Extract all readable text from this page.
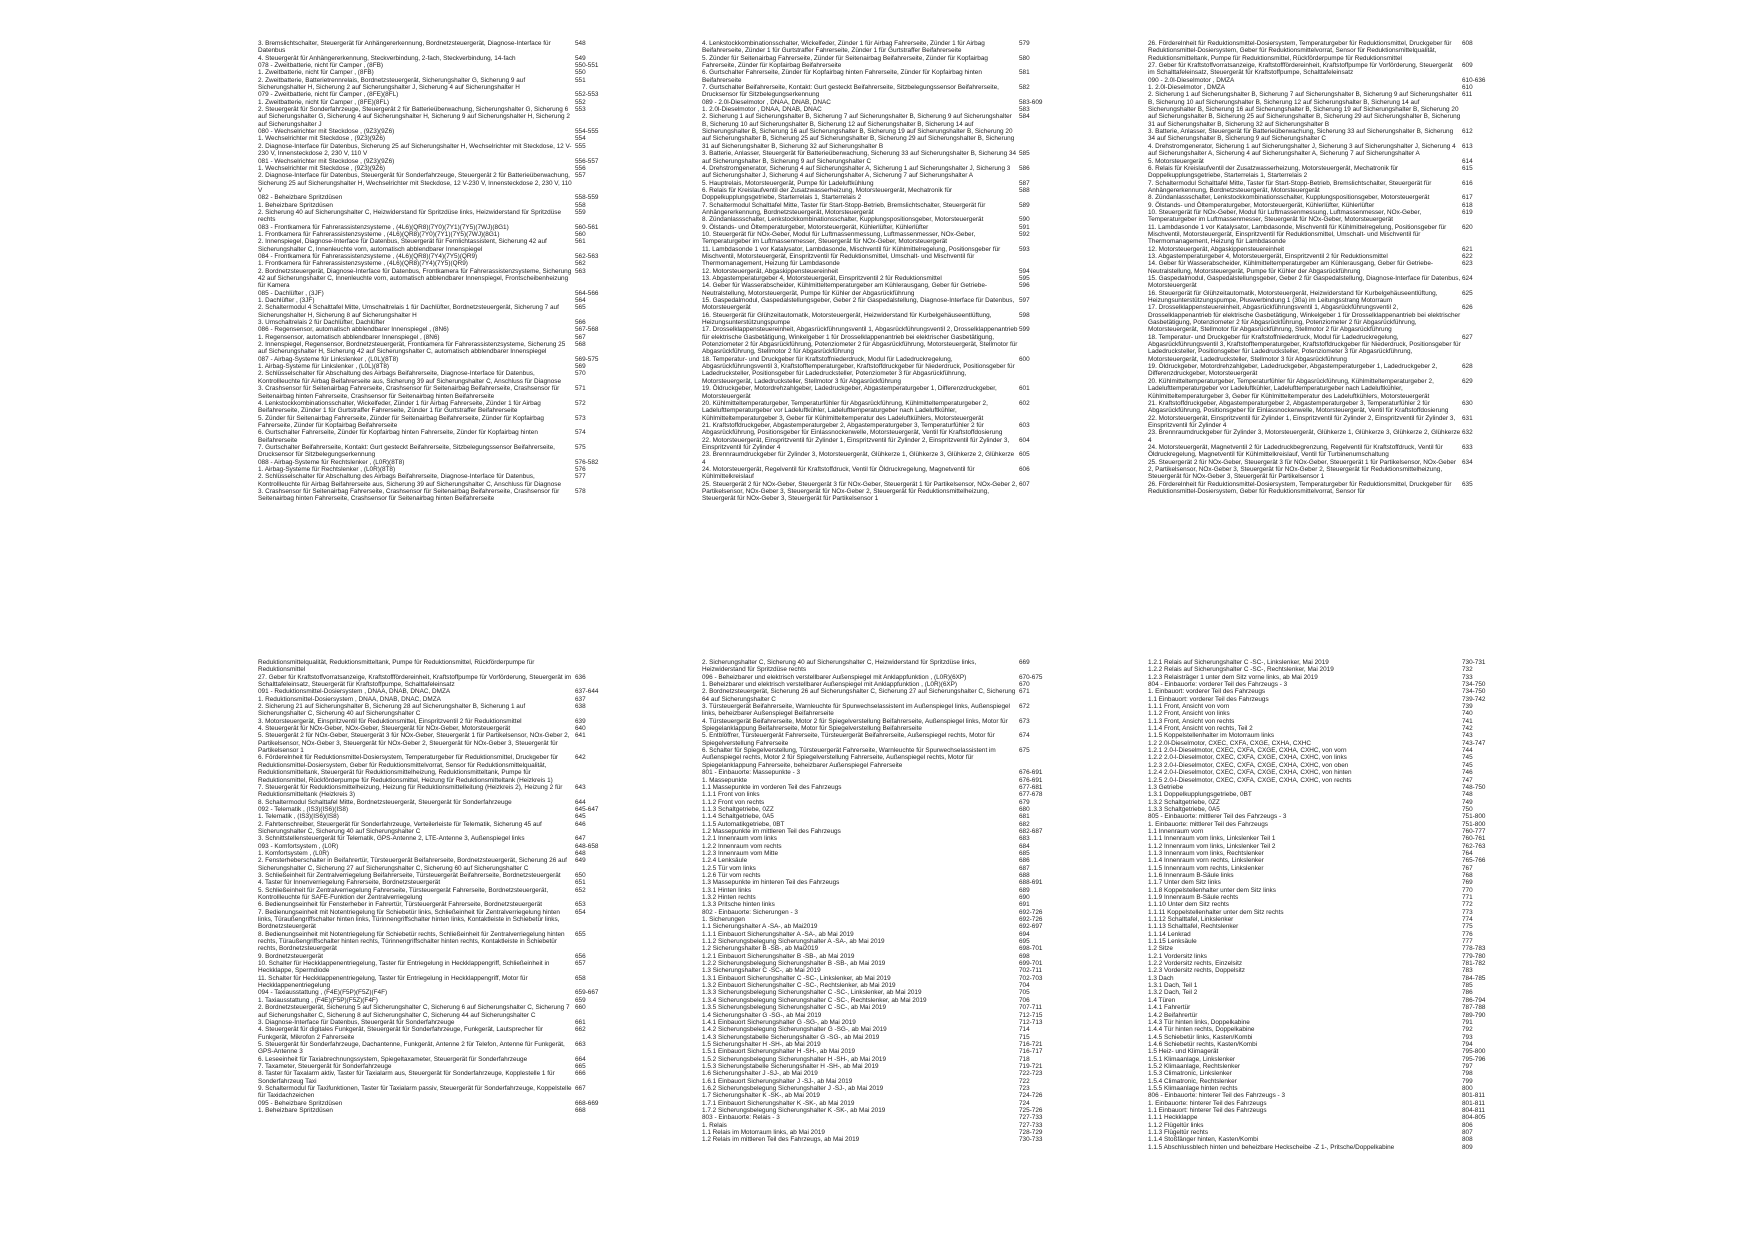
3. Bremslichtschalter, Steuergerät für Anhängererkennung, Bordnetzsteuergerät, Diagnose-Interface für Datenbus
548
4. Steuergerät für Anhängererkennung, Steckverbindung, 2-fach, Steckverbindung, 14-fach	549
078 - Zweitbatterie, nicht für Camper , (8FB)	550-551
1. Zweitbatterie, nicht für Camper , (8FB)	550
2. Zweitbatterie, Batterietrennrelais, Bordnetzsteuergerät, Sicherungshalter G, Sicherung 9 auf Sicherungshalter H, Sicherung 2 auf Sicherungshalter J, Sicherung 4 auf Sicherungshalter H
551
079 - Zweitbatterie, nicht für Camper , (8FE)(8FL)	552-553
1. Zweitbatterie, nicht für Camper , (8FE)(8FL)	552
2. Steuergerät für Sonderfahrzeuge, Steuergerät 2 für Batterieüberwachung, Sicherungshalter G, Sicherung 6 auf Sicherungshalter G, Sicherung 4 auf Sicherungshalter H, Sicherung 9 auf Sicherungshalter H, Sicherung 2 auf Sicherungshalter J
553
080 - Wechselrichter mit Steckdose , (9Z3)(9Z6)	554-555
1. Wechselrichter mit Steckdose , (9Z3)(9Z6)	554
2. Diagnose-Interface für Datenbus, Sicherung 25 auf Sicherungshalter H, Wechselrichter mit Steckdose, 12 V-230 V, Innensteckdose 2, 230 V, 110 V
555
081 - Wechselrichter mit Steckdose , (9Z3)(9Z6)	556-557
1. Wechselrichter mit Steckdose , (9Z3)(9Z6)	556
2. Diagnose-Interface für Datenbus, Steuergerät für Sonderfahrzeuge, Steuergerät 2 für Batterieüberwachung, Sicherung 25 auf Sicherungshalter H, Wechselrichter mit Steckdose, 12 V-230 V, Innensteckdose 2, 230 V, 110 V
557
082 - Beheizbare Spritzdüsen	558-559
1. Beheizbare Spritzdüsen	558
2. Sicherung 40 auf Sicherungshalter C, Heizwiderstand für Spritzdüse links, Heizwiderstand für Spritzdüse rechts
559
083 - Frontkamera für Fahrerassistenzsysteme , (4L6)(QR8)(7Y0)(7Y1)(7Y5)(7WJ)(8G1)	560-561
1. Frontkamera für Fahrerassistenzsysteme , (4L6)(QR8)(7Y0)(7Y1)(7Y5)(7WJ)(8G1)	560
2. Innenspiegel, Diagnose-Interface für Datenbus, Steuergerät für Fernlichtassistent, Sicherung 42 auf Sicherungshalter C, Innenleuchte vorn, automatisch abblendbarer Innenspiegel
561
084 - Frontkamera für Fahrerassistenzsysteme , (4L6)(QR8)(7Y4)(7Y5)(QR9)	562-563
1. Frontkamera für Fahrerassistenzsysteme , (4L6)(QR8)(7Y4)(7Y5)(QR9)	562
2. Bordnetzsteuergerät, Diagnose-Interface für Datenbus, Frontkamera für Fahrerassistenzsysteme, Sicherung 42 auf Sicherungshalter C, Innenleuchte vorn, automatisch abblendbarer Innenspiegel, Frontscheibenheizung für Kamera
563
085 - Dachlüfter , (3JF)	564-566
1. Dachlüfter , (3JF)	564
2. Schaltermodul 4 Schalttafel Mitte, Umschaltrelais 1 für Dachlüfter, Bordnetzsteuergerät, Sicherung 7 auf Sicherungshalter H, Sicherung 8 auf Sicherungshalter H
565
3. Umschaltrelais 2 für Dachlüfter, Dachlüfter	566
086 - Regensensor, automatisch abblendbarer Innenspiegel , (8N6)	567-568
1. Regensensor, automatisch abblendbarer Innenspiegel , (8N6)	567
2. Innenspiegel, Regensensor, Bordnetzsteuergerät, Frontkamera für Fahrerassistenzsysteme, Sicherung 25 auf Sicherungshalter H, Sicherung 42 auf Sicherungshalter C, automatisch abblendbarer Innenspiegel
568
087 - Airbag-Systeme für Linkslenker , (L0L)(8T8)	569-575
1. Airbag-Systeme für Linkslenker , (L0L)(8T8)	569
2. Schlüsselschalter für Abschaltung des Airbags Beifahrerseite, Diagnose-Interface für Datenbus, Kontrollleuchte für Airbag Beifahrerseite aus, Sicherung 39 auf Sicherungshalter C, Anschluss für Diagnose
570
3. Crashsensor für Seitenairbag Fahrerseite, Crashsensor für Seitenairbag Beifahrerseite, Crashsensor für Seitenairbag hinten Fahrerseite, Crashsensor für Seitenairbag hinten Beifahrerseite
571
4. Lenkstockkombinationsschalter, Wickelfeder, Zünder 1 für Airbag Fahrerseite, Zünder 1 für Airbag Beifahrerseite, Zünder 1 für Gurtstraffer Fahrerseite, Zünder 1 für Gurtstraffer Beifahrerseite
572
5. Zünder für Seitenairbag Fahrerseite, Zünder für Seitenairbag Beifahrerseite, Zünder für Kopfairbag Fahrerseite, Zünder für Kopfairbag Beifahrerseite
573
6. Gurtschalter Fahrerseite, Zünder für Kopfairbag hinten Fahrerseite, Zünder für Kopfairbag hinten Beifahrerseite
574
7. Gurtschalter Beifahrerseite, Kontakt: Gurt gesteckt Beifahrerseite, Sitzbelegungssensor Beifahrerseite, Drucksensor für Sitzbelegungserkennung
575
088 - Airbag-Systeme für Rechtslenker , (L0R)(8T8)	576-582
1. Airbag-Systeme für Rechtslenker , (L0R)(8T8)	576
2. Schlüsselschalter für Abschaltung des Airbags Beifahrerseite, Diagnose-Interface für Datenbus, Kontrollleuchte für Airbag Beifahrerseite aus, Sicherung 39 auf Sicherungshalter C, Anschluss für Diagnose
577
3. Crashsensor für Seitenairbag Fahrerseite, Crashsensor für Seitenairbag Beifahrerseite, Crashsensor für Seitenairbag hinten Fahrerseite, Crashsensor für Seitenairbag hinten Beifahrerseite
578
4. Lenkstockkombinationsschalter, Wickelfeder, Zünder 1 für Airbag Fahrerseite, Zünder 1 für Airbag Beifahrerseite, Zünder 1 für Gurtstraffer Fahrerseite, Zünder 1 für Gurtstraffer Beifahrerseite
579
5. Zünder für Seitenairbag Fahrerseite, Zünder für Seitenairbag Beifahrerseite, Zünder für Kopfairbag Fahrerseite, Zünder für Kopfairbag Beifahrerseite
580
6. Gurtschalter Fahrerseite, Zünder für Kopfairbag hinten Fahrerseite, Zünder für Kopfairbag hinten Beifahrerseite
581
7. Gurtschalter Beifahrerseite, Kontakt: Gurt gesteckt Beifahrerseite, Sitzbelegungssensor Beifahrerseite, Drucksensor für Sitzbelegungserkennung
582
089 - 2.0l-Dieselmotor , DNAA, DNAB, DNAC	583-609
1. 2.0l-Dieselmotor , DNAA, DNAB, DNAC	583
2. Sicherung 1 auf Sicherungshalter B, Sicherung 7 auf Sicherungshalter B, Sicherung 9 auf Sicherungshalter B, Sicherung 10 auf Sicherungshalter B, Sicherung 12 auf Sicherungshalter B, Sicherung 14 auf Sicherungshalter B, Sicherung 16 auf Sicherungshalter B, Sicherung 19 auf Sicherungshalter B, Sicherung 20 auf Sicherungshalter B, Sicherung 25 auf Sicherungshalter B, Sicherung 29 auf Sicherungshalter B, Sicherung 31 auf Sicherungshalter B, Sicherung 32 auf Sicherungshalter B
584
3. Batterie, Anlasser, Steuergerät für Batterieüberwachung, Sicherung 33 auf Sicherungshalter B, Sicherung 34 auf Sicherungshalter B, Sicherung 9 auf Sicherungshalter C
585
4. Drehstromgenerator, Sicherung 4 auf Sicherungshalter A, Sicherung 1 auf Sicherungshalter J, Sicherung 3 auf Sicherungshalter J, Sicherung 4 auf Sicherungshalter A, Sicherung 7 auf Sicherungshalter A
586
5. Hauptrelais, Motorsteuergerät, Pumpe für Ladeluftkühlung	587
6. Relais für Kreislaufventil der Zusatzwasserheizung, Motorsteuergerät, Mechatronik für Doppelkupplungsgetriebe, Starterrelais 1, Starterrelais 2
588
7. Schaltermodul Schalttafel Mitte, Taster für Start-Stopp-Betrieb, Bremslichtschalter, Steuergerät für Anhängererkennung, Bordnetzsteuergerät, Motorsteuergerät
589
8. Zündanlassschalter, Lenkstockkombinationsschalter, Kupplungspositionsgeber, Motorsteuergerät	590
9. Ölstands- und Öltemperaturgeber, Motorsteuergerät, Kühlerlüfter, Kühlerlüfter	591
10. Steuergerät für NOx-Geber, Modul für Luftmassenmessung, Luftmassenmesser, NOx-Geber, Temperaturgeber im Luftmassenmesser, Steuergerät für NOx-Geber, Motorsteuergerät
592
11. Lambdasonde 1 vor Katalysator, Lambdasonde, Mischventil für Kühlmittelregelung, Positionsgeber für Mischventil, Motorsteuergerät, Einspritzventil für Reduktionsmittel, Umschalt- und Mischventil für Thermomanagement, Heizung für Lambdasonde
593
12. Motorsteuergerät, Abgaskippensteuereinheit	594
13. Abgastemperaturgeber 4, Motorsteuergerät, Einspritzventil 2 für Reduktionsmittel	595
14. Geber für Wasserabscheider, Kühlmitteltemperaturgeber am Kühlerausgang, Geber für Getriebe-Neutralstellung, Motorsteuergerät, Pumpe für Kühler der Abgasrückführung
596
15. Gaspedalmodul, Gaspedalstellungsgeber, Geber 2 für Gaspedalstellung, Diagnose-Interface für Datenbus, Motorsteuergerät
597
16. Steuergerät für Glühzeitautomatik, Motorsteuergerät, Heizwiderstand für Kurbelgehäuseentlüftung, Heizungsunterstützungspumpe
598
17. Drosselklappensteuereinheit, Abgasrückführungsventil 1, Abgasrückführungsventil 2, Drosselklappenantrieb für elektrische Gasbetätigung, Winkelgeber 1 für Drosselklappenantrieb bei elektrischer Gasbetätigung, Potenziometer 2 für Abgasrückführung, Potenziometer 2 für Abgasrückführung, Motorsteuergerät, Stellmotor für Abgasrückführung, Stellmotor 2 für Abgasrückführung
599
18. Temperatur- und Druckgeber für Kraftstoffniederdruck, Modul für Ladedruckregelung, Abgasrückführungsventil 3, Kraftstofftemperaturgeber, Kraftstoffdruckgeber für Niederdruck, Positionsgeber für Ladedrucksteller, Positionsgeber für Ladedrucksteller, Potenziometer 3 für Abgasrückführung, Motorsteuergerät, Ladedrucksteller, Stellmotor 3 für Abgasrückführung
600
19. Öldruckgeber, Motordrehzahlgeber, Ladedruckgeber, Abgastemperaturgeber 1, Differenzdruckgeber, Motorsteuergerät
601
20. Kühlmitteltemperaturgeber, Temperaturfühler für Abgasrückführung, Kühlmitteltemperaturgeber 2, Ladelufttemperaturgeber vor Ladeluftkühler, Ladelufttemperaturgeber nach Ladeluftkühler, Kühlmitteltemperaturgeber 3, Geber für Kühlmitteltemperatur des Ladeluftkühlers, Motorsteuergerät
602
21. Kraftstoffdruckgeber, Abgastemperaturgeber 2, Abgastemperaturgeber 3, Temperaturfühler 2 für Abgasrückführung, Positionsgeber für Einlassnockenwelle, Motorsteuergerät, Ventil für Kraftstoffdosierung
603
22. Motorsteuergerät, Einspritzventil für Zylinder 1, Einspritzventil für Zylinder 2, Einspritzventil für Zylinder 3, Einspritzventil für Zylinder 4
604
23. Brennraumdruckgeber für Zylinder 3, Motorsteuergerät, Glühkerze 1, Glühkerze 3, Glühkerze 2, Glühkerze 4
605
24. Motorsteuergerät, Regelventil für Kraftstoffdruck, Ventil für Öldruckregelung, Magnetventil für Kühlmittelkreislauf
606
25. Steuergerät 2 für NOx-Geber, Steuergerät 3 für NOx-Geber, Steuergerät 1 für Partikelsensor, NOx-Geber 2, Partikelsensor, NOx-Geber 3, Steuergerät für NOx-Geber 2, Steuergerät für Reduktionsmittelheizung, Steuergerät für NOx-Geber 3, Steuergerät für Partikelsensor 1
607
26. Förderelnheit für Reduktionsmittel-Dosiersystem, Temperaturgeber für Reduktionsmittel, Druckgeber für Reduktionsmittel-Dosiersystem, Geber für Reduktionsmittelvorrat, Sensor für Reduktionsmittelqualität, Reduktionsmitteltank, Pumpe für Reduktionsmittel, Rückförderpumpe für Reduktionsmittel
608
27. Geber für Kraftstoffvorratsanzeige, Kraftstofffördereinheit, Kraftstoffpumpe für Vorförderung, Steuergerät im Schalttafeleinsatz, Steuergerät für Kraftstoffpumpe, Schalttafeleinsatz
609
090 - 2.0l-Dieselmotor , DMZA	610-636
1. 2.0l-Dieselmotor , DMZA	610
2. Sicherung 1 auf Sicherungshalter B, Sicherung 7 auf Sicherungshalter B, Sicherung 9 auf Sicherungshalter B, Sicherung 10 auf Sicherungshalter B, Sicherung 12 auf Sicherungshalter B, Sicherung 14 auf Sicherungshalter B, Sicherung 16 auf Sicherungshalter B, Sicherung 19 auf Sicherungshalter B, Sicherung 20 auf Sicherungshalter B, Sicherung 25 auf Sicherungshalter B, Sicherung 29 auf Sicherungshalter B, Sicherung 31 auf Sicherungshalter B, Sicherung 32 auf Sicherungshalter B
611
3. Batterie, Anlasser, Steuergerät für Batterieüberwachung, Sicherung 33 auf Sicherungshalter B, Sicherung 34 auf Sicherungshalter B, Sicherung 9 auf Sicherungshalter C
612
4. Drehstromgenerator, Sicherung 1 auf Sicherungshalter J, Sicherung 3 auf Sicherungshalter J, Sicherung 4 auf Sicherungshalter A, Sicherung 4 auf Sicherungshalter A, Sicherung 7 auf Sicherungshalter A
613
5. Motorsteuergerät	614
6. Relais für Kreislaufventil der Zusatzwasserheizung, Motorsteuergerät, Mechatronik für Doppelkupplungsgetriebe, Starterrelais 1, Starterrelais 2
615
7. Schaltermodul Schalttafel Mitte, Taster für Start-Stopp-Betrieb, Bremslichtschalter, Steuergerät für Anhängererkennung, Bordnetzsteuergerät, Motorsteuergerät
616
8. Zündanlassschalter, Lenkstockkombinationsschalter, Kupplungspositionsgeber, Motorsteuergerät	617
9. Ölstands- und Öltemperaturgeber, Motorsteuergerät, Kühlerlüfter, Kühlerlüfter	618
10. Steuergerät für NOx-Geber, Modul für Luftmassenmessung, Luftmassenmesser, NOx-Geber, Temperaturgeber im Luftmassenmesser, Steuergerät für NOx-Geber, Motorsteuergerät
619
11. Lambdasonde 1 vor Katalysator, Lambdasonde, Mischventil für Kühlmittelregelung, Positionsgeber für Mischventil, Motorsteuergerät, Einspritzventil für Reduktionsmittel, Umschalt- und Mischventil für Thermomanagement, Heizung für Lambdasonde
620
12. Motorsteuergerät, Abgaskippensteuereinheit	621
13. Abgastemperaturgeber 4, Motorsteuergerät, Einspritzventil 2 für Reduktionsmittel	622
14. Geber für Wasserabscheider, Kühlmitteltemperaturgeber am Kühlerausgang, Geber für Getriebe-Neutralstellung, Motorsteuergerät, Pumpe für Kühler der Abgasrückführung
623
15. Gaspedalmodul, Gaspedalstellungsgeber, Geber 2 für Gaspedalstellung, Diagnose-Interface für Datenbus, Motorsteuergerät
624
16. Steuergerät für Glühzeitautomatik, Motorsteuergerät, Heizwiderstand für Kurbelgehäuseentlüftung, Heizungsunterstützungspumpe, Pluswerbindung 1 (30a) im Leitungsstrang Motorraum
625
17. Drosselklappensteuereinheit, Abgasrückführungsventil 1, Abgasrückführungsventil 2, Drosselklappenantrieb für elektrische Gasbetätigung, Winkelgeber 1 für Drosselklappenantrieb bei elektrischer Gasbetätigung, Potenziometer 2 für Abgasrückführung, Potenziometer 2 für Abgasrückführung, Motorsteuergerät, Stellmotor für Abgasrückführung, Stellmotor 2 für Abgasrückführung
626
18. Temperatur- und Druckgeber für Kraftstoffniederdruck, Modul für Ladedruckregelung, Abgasrückführungsventil 3, Kraftstofftemperaturgeber, Kraftstoffdruckgeber für Niederdruck, Positionsgeber für Ladedrucksteller, Positionsgeber für Ladedrucksteller, Potenziometer 3 für Abgasrückführung, Motorsteuergerät, Ladedrucksteller, Stellmotor 3 für Abgasrückführung
627
19. Öldruckgeber, Motordrehzahlgeber, Ladedruckgeber, Abgastemperaturgeber 1, Ladedruckgeber 2, Differenzdruckgeber, Motorsteuergerät
628
20. Kühlmitteltemperaturgeber, Temperaturfühler für Abgasrückführung, Kühlmitteltemperaturgeber 2, Ladelufttemperaturgeber vor Ladeluftkühler, Ladelufttemperaturgeber nach Ladeluftkühler, Kühlmitteltemperaturgeber 3, Geber für Kühlmitteltemperatur des Ladeluftkühlers, Motorsteuergerät
629
21. Kraftstoffdruckgeber, Abgastemperaturgeber 2, Abgastemperaturgeber 3, Temperaturfühler 2 für Abgasrückführung, Positionsgeber für Einlassnockenwelle, Motorsteuergerät, Ventil für Kraftstoffdosierung
630
22. Motorsteuergerät, Einspritzventil für Zylinder 1, Einspritzventil für Zylinder 2, Einspritzventil für Zylinder 3, Einspritzventil für Zylinder 4
631
23. Brennraumdruckgeber für Zylinder 3, Motorsteuergerät, Glühkerze 1, Glühkerze 3, Glühkerze 2, Glühkerze 4
632
24. Motorsteuergerät, Magnetventil 2 für Ladedruckbegrenzung, Regelventil für Kraftstoffdruck, Ventil für Öldruckregelung, Magnetventil für Kühlmittelkreislauf, Ventil für Turbinenumschaltung
633
25. Steuergerät 2 für NOx-Geber, Steuergerät 3 für NOx-Geber, Steuergerät 1 für Partikelsensor, NOx-Geber 2, Partikelsensor, NOx-Geber 3, Steuergerät für NOx-Geber 2, Steuergerät für Reduktionsmittelheizung, Steuergerät für NOx-Geber 3, Steuergerät für Partikelsensor 1
634
26. Förderelnheit für Reduktionsmittel-Dosiersystem, Temperaturgeber für Reduktionsmittel, Druckgeber für Reduktionsmittel-Dosiersystem, Geber für Reduktionsmittelvorrat, Sensor für
635
Reduktionsmittelqualität, Reduktionsmitteltank, Pumpe für Reduktionsmittel, Rückförderpumpe für Reduktionsmittel
27. Geber für Kraftstoffvorratsanzeige, Kraftstofffördereinheit, Kraftstoffpumpe für Vorförderung, Steuergerät im Schalttafeleinsatz, Steuergerät für Kraftstoffpumpe, Schalttafeleinsatz
636
091 - Reduktionsmittel-Dosiersystem , DNAA, DNAB, DNAC, DMZA	637-644
1. Reduktionsmittel-Dosiersystem , DNAA, DNAB, DNAC, DMZA	637
2. Sicherung 21 auf Sicherungshalter B, Sicherung 28 auf Sicherungshalter B, Sicherung 1 auf Sicherungshalter C, Sicherung 40 auf Sicherungshalter C
638
3. Motorsteuergerät, Einspritzventil für Reduktionsmittel, Einspritzventil 2 für Reduktionsmittel	639
4. Steuergerät für NOx-Geber, NOx-Geber, Steuergerät für NOx-Geber, Motorsteuergerät	640
5. Steuergerät 2 für NOx-Geber, Steuergerät 3 für NOx-Geber, Steuergerät 1 für Partikelsensor, NOx-Geber 2, Partikelsensor, NOx-Geber 3, Steuergerät für NOx-Geber 2, Steuergerät für NOx-Geber 3, Steuergerät für Partikelsensor 1
641
6. Förderelnheit für Reduktionsmittel-Dosiersystem, Temperaturgeber für Reduktionsmittel, Druckgeber für Reduktionsmittel-Dosiersystem, Geber für Reduktionsmittelvorrat, Sensor für Reduktionsmittelqualität, Reduktionsmitteltank, Steuergerät für Reduktionsmittelheizung, Reduktionsmitteltank, Pumpe für Reduktionsmittel, Rückförderpumpe für Reduktionsmittel, Heizung für Reduktionsmitteltank (Heizkreis 1)
642
7. Steuergerät für Reduktionsmittelheizung, Heizung für Reduktionsmittelleitung (Heizkreis 2), Heizung 2 für Reduktionsmitteltank (Heizkreis 3)
643
8. Schaltermodul Schalttafel Mitte, Bordnetzsteuergerät, Steuergerät für Sonderfahrzeuge	644
092 - Telematik , (IS3)(IS6)(IS8)	645-647
1. Telematik , (IS3)(IS6)(IS8)	645
2. Fahrtenschreiber, Steuergerät für Sonderfahrzeuge, Verteilerleiste für Telematik, Sicherung 45 auf Sicherungshalter C, Sicherung 40 auf Sicherungshalter C
646
3. Schnittstellensteuergerät für Telematik, GPS-Antenne 2, LTE-Antenne 3, Außenspiegel links	647
093 - Komfortsystem , (L0R)	648-658
1. Komfortsystem , (L0R)	648
2. Fensterheberschalter in Beifahrertür, Türsteuergerät Beifahrerseite, Bordnetzsteuergerät, Sicherung 26 auf Sicherungshalter C, Sicherung 27 auf Sicherungshalter C, Sicherung 60 auf Sicherungshalter C
649
3. Schließeinheit für Zentralverriegelung Beifahrerseite, Türsteuergerät Beifahrerseite, Bordnetzsteuergerät	650
4. Taster für Innenverriegelung Fahrerseite, Bordnetzsteuergerät	651
5. Schließeinheit für Zentralverriegelung Fahrerseite, Türsteuergerät Fahrerseite, Bordnetzsteuergerät, Kontrollleuchte für SAFE-Funktion der Zentralverriegelung
652
6. Bedienungseinheit für Fensterheber in Fahrertür, Türsteuergerät Fahrerseite, Bordnetzsteuergerät	653
7. Bedienungseinheit mit Notentriegelung für Schiebetür links, Schließeinheit für Zentralverriegelung hinten links, Türaußengriffschalter hinten links, Türinnengriffschalter hinten links, Kontaktleiste in Schiebetür links, Bordnetzsteuergerät
654
8. Bedienungseinheit mit Notentriegelung für Schiebetür rechts, Schließeinheit für Zentralverriegelung hinten rechts, Türaußengriffschalter hinten rechts, Türinnengriffschalter hinten rechts, Kontaktleiste in Schiebetür rechts, Bordnetzsteuergerät
655
9. Bordnetzsteuergerät	656
10. Schalter für Heckklappenentriegelung, Taster für Entriegelung in Heckklappengriff, Schließeinheit in Heckklappe, Spermdiode
657
11. Schalter für Heckklappenentriegelung, Taster für Entriegelung in Heckklappengriff, Motor für Heckklappenentriegelung
658
094 - Taxiausstattung , (F4E)(F5P)(F5Z)(F4F)	659-667
1. Taxiausstattung , (F4E)(F5P)(F5Z)(F4F)	659
2. Bordnetzsteuergerät, Sicherung 5 auf Sicherungshalter C, Sicherung 6 auf Sicherungshalter C, Sicherung 7 auf Sicherungshalter C, Sicherung 8 auf Sicherungshalter C, Sicherung 44 auf Sicherungshalter C
660
3. Diagnose-Interface für Datenbus, Steuergerät für Sonderfahrzeuge	661
4. Steuergerät für digitales Funkgerät, Steuergerät für Sonderfahrzeuge, Funkgerät, Lautsprecher für Funkgerät, Mikrofon 2 Fahrerseite
662
5. Steuergerät für Sonderfahrzeuge, Dachantenne, Funkgerät, Antenne 2 für Telefon, Antenne für Funkgerät, GPS-Antenne 3
663
6. Leseeinheit für Taxiabrechnungssystem, Spiegeltaxameter, Steuergerät für Sonderfahrzeuge	664
7. Taxameter, Steuergerät für Sonderfahrzeuge	665
8. Taster für Taxalarm aktiv, Taster für Taxialarm aus, Steuergerät für Sonderfahrzeuge, Kopplestelle 1 für Sonderfahrzeug Taxi
666
9. Schaltermodul für Taxifunktionen, Taster für Taxialarm passiv, Steuergerät für Sonderfahrzeuge, Koppelstelle für Taxidachzeichen
667
095 - Beheizbare Spritzdüsen	668-669
1. Beheizbare Spritzdüsen	668
2. Sicherungshalter C, Sicherung 40 auf Sicherungshalter C, Heizwiderstand für Spritzdüse links, Heizwiderstand für Spritzdüse rechts
669
096 - Beheizbarer und elektrisch verstellbarer Außenspiegel mit Anklappfunktion , (L0R)(6XP)	670-675
1. Beheizbarer und elektrisch verstellbarer Außenspiegel mit Anklappfunktion , (L0R)(6XP)	670
2. Bordnetzsteuergerät, Sicherung 26 auf Sicherungshalter C, Sicherung 27 auf Sicherungshalter C, Sicherung 64 auf Sicherungshalter C
671
3. Türsteuergerät Beifahrerseite, Warnleuchte für Spurwechselassistent im Außenspiegel links, Außenspiegel links, beheizbarer Außenspiegel Beifahrerseite
672
4. Türsteuergerät Beifahrerseite, Motor 2 für Spiegelverstellung Beifahrerseite, Außenspiegel links, Motor für Spiegelanklappung Beifahrerseite, Motor für Spiegelverstellung Beifahrerseite
673
5. Entblöffrer, Türsteuergerät Fahrerseite, Türsteuergerät Beifahrerseite, Außenspiegel rechts, Motor für Spiegelverstellung Fahrerseite
674
6. Schalter für Spiegelverstellung, Türsteuergerät Fahrerseite, Warnleuchte für Spurwechselassistent im Außenspiegel rechts, Motor 2 für Spiegelverstellung Fahrerseite, Außenspiegel rechts, Motor für Spiegelanklappung Fahrerseite, beheizbarer Außenspiegel Fahrerseite
675
801 - Einbauorte: Massepunkte - 3	676-691
1. Massepunkte	676-691
1.1 Massepunkte im vorderen Teil des Fahrzeugs	677-681
1.1.1 Front von links	677-678
1.1.2 Front von rechts	679
1.1.3 Schaltgetriebe, 0ZZ	680
1.1.4 Schaltgetriebe, 0A5	681
1.1.5 Automatikgetriebe, 0BT	682
1.2 Massepunkte im mittleren Teil des Fahrzeugs	682-687
1.2.1 Innenraum vom links	683
1.2.2 Innenraum vom rechts	684
1.2.3 Innenraum vom Mitte	685
1.2.4 Lenksäule	686
1.2.5 Tür vom links	687
1.2.6 Tür vom rechts	688
1.3 Massepunkte im hinteren Teil des Fahrzeugs	688-691
1.3.1 Hinten links	689
1.3.2 Hinten rechts	690
1.3.3 Pritsche hinten links	691
802 - Einbauorte: Sicherungen - 3	692-726
1. Sicherungen	692-726
1.1 Sicherungshalter A -SA-, ab Mai2019	692-697
1.1.1 Einbauort Sicherungshalter A -SA-, ab Mai 2019	694
1.1.2 Sicherungsbelegung Sicherungshalter A -SA-, ab Mai 2019	695
1.2 Sicherungshalter B -SB-, ab Mai2019	698-701
1.2.1 Einbauort Sicherungshalter B -SB-, ab Mai 2019	698
1.2.2 Sicherungsbelegung Sicherungshalter B -SB-, ab Mai 2019	699-701
1.3 Sicherungshalter C -SC-, ab Mai 2019	702-711
1.3.1 Einbauort Sicherungshalter C -SC-, Linkslenker, ab Mai 2019	702-703
1.3.2 Einbauort Sicherungshalter C -SC-, Rechtslenker, ab Mai 2019	704
1.3.3 Sicherungsbelegung Sicherungshalter C -SC-, Linkslenker, ab Mai 2019	705
1.3.4 Sicherungsbelegung Sicherungshalter C -SC-, Rechtslenker, ab Mai 2019	706
1.3.5 Sicherungsbelegung Sicherungshalter C -SC-, ab Mai 2019	707-711
1.4 Sicherungshalter G -SG-, ab Mai 2019	712-715
1.4.1 Einbauort Sicherungshalter G -SG-, ab Mai 2019	712-713
1.4.2 Sicherungsbelegung Sicherungshalter G -SG-, ab Mai 2019	714
1.4.3 Sicherungstabelle Sicherungshalter G -SG-, ab Mai 2019	715
1.5 Sicherungshalter H -SH-, ab Mai 2019	716-721
1.5.1 Einbauort Sicherungshalter H -SH-, ab Mai 2019	716-717
1.5.2 Sicherungsbelegung Sicherungshalter H -SH-, ab Mai 2019	718
1.5.3 Sicherungstabelle Sicherungshalter H -SH-, ab Mai 2019	719-721
1.6 Sicherungshalter J -SJ-, ab Mai 2019	722-723
1.6.1 Einbauort Sicherungshalter J -SJ-, ab Mai 2019	722
1.6.2 Sicherungsbelegung Sicherungshalter J -SJ-, ab Mai 2019	723
1.7 Sicherungshalter K -SK-, ab Mai 2019	724-726
1.7.1 Einbauort Sicherungshalter K -SK-, ab Mai 2019	724
1.7.2 Sicherungsbelegung Sicherungshalter K -SK-, ab Mai 2019	725-726
803 - Einbauorte: Relais - 3	727-733
1. Relais	727-733
1.1 Relais im Motorraum links, ab Mai 2019	728-729
1.2 Relais im mittleren Teil des Fahrzeugs, ab Mai 2019	730-733
1.2.1 Relais auf Sicherungshalter C -SC-, Linkslenker, Mai 2019	730-731
1.2.2 Relais auf Sicherungshalter C -SC-, Rechtslenker, Mai 2019	732
1.2.3 Relaisträger 1 unter dem Sitz vorne links, ab Mai 2019	733
804 - Einbauorte: vorderer Teil des Fahrzeugs - 3	734-750
1. Einbauort: vorderer Teil des Fahrzeugs	734-750
1.1 Einbauort: vorderer Teil des Fahrzeugs	739-742
1.1.1 Front, Ansicht von vorn	739
1.1.2 Front, Ansicht von links	740
1.1.3 Front, Ansicht von rechts	741
1.1.4 Front, Ansicht von rechts, Teil 2	742
1.1.5 Koppelstellenhalter im Motorraum links	743
1.2 2.0l-Dieselmotor, CXEC, CXFA, CXGE, CXHA, CXHC	743-747
1.2.1 2.0-l-Dieselmotor, CXEC, CXFA, CXGE, CXHA, CXHC, von vorn	744
1.2.2 2.0-l-Dieselmotor, CXEC, CXFA, CXGE, CXHA, CXHC, von links	745
1.2.3 2.0-l-Dieselmotor, CXEC, CXFA, CXGE, CXHA, CXHC, von oben	745
1.2.4 2.0-l-Dieselmotor, CXEC, CXFA, CXGE, CXHA, CXHC, von hinten	746
1.2.5 2.0-l-Dieselmotor, CXEC, CXFA, CXGE, CXHA, CXHC, von rechts	747
1.3 Getriebe	748-750
1.3.1 Doppelkupplungsgetriebe, 0BT	748
1.3.2 Schaltgetriebe, 0ZZ	749
1.3.3 Schaltgetriebe, 0A5	750
805 - Einbauorte: mittlerer Teil des Fahrzeugs - 3	751-800
1. Einbauorte: mittlerer Teil des Fahrzeugs	751-800
1.1 Innenraum vorn	760-777
1.1.1 Innenraum vom links, Linkslenker Teil 1	760-761
1.1.2 Innenraum vom links, Linkslenker Teil 2	762-763
1.1.3 Innenraum vom links, Rechtslenker	764
1.1.4 Innenraum vorn rechts, Linkslenker	765-766
1.1.5 Innenraum vom rechts, Linkslenker	767
1.1.6 Innenraum B-Säule links	768
1.1.7 Unter dem Sitz links	769
1.1.8 Koppelstellenhalter unter dem Sitz links	770
1.1.9 Innenraum B-Säule rechts	771
1.1.10 Unter dem Sitz rechts	772
1.1.11 Koppelstellenhalter unter dem Sitz rechts	773
1.1.12 Schalttafel, Linkslenker	774
1.1.13 Schalttafel, Rechtslenker	775
1.1.14 Lenkrad	776
1.1.15 Lenksäule	777
1.2 Sitze	778-783
1.2.1 Vordersitz links	779-780
1.2.2 Vordersitz rechts, Einzelsitz	781-782
1.2.3 Vordersitz rechts, Doppelsitz	783
1.3 Dach	784-785
1.3.1 Dach, Teil 1	785
1.3.2 Dach, Teil 2	786
1.4 Türen	786-794
1.4.1 Fahrertür	787-788
1.4.2 Beifahrertür	789-790
1.4.3 Tür hinten links, Doppelkabine	791
1.4.4 Tür hinten rechts, Doppelkabine	792
1.4.5 Schiebetür links, Kasten/Kombi	793
1.4.6 Schiebetür rechts, Kasten/Kombi	794
1.5 Heiz- und Klimagerät	795-800
1.5.1 Klimaanlage, Linkslenker	795-796
1.5.2 Klimaanlage, Rechtslenker	797
1.5.3 Climatronic, Linkslenker	798
1.5.4 Climatronic, Rechtslenker	799
1.5.5 Klimaanlage hinten rechts	800
806 - Einbauorte: hinterer Teil des Fahrzeugs - 3	801-811
1. Einbauorte: hinterer Teil des Fahrzeugs	801-811
1.1 Einbauort: hinterer Teil des Fahrzeugs	804-811
1.1.1 Heckklappe	804-805
1.1.2 Flügeltür links	806
1.1.3 Flügeltür rechts	807
1.1.4 Stoßfänger hinten, Kasten/Kombi	808
1.1.5 Abschlussblech hinten und beheizbare Heckscheibe -Z 1-, Pritsche/Doppelkabine	809
